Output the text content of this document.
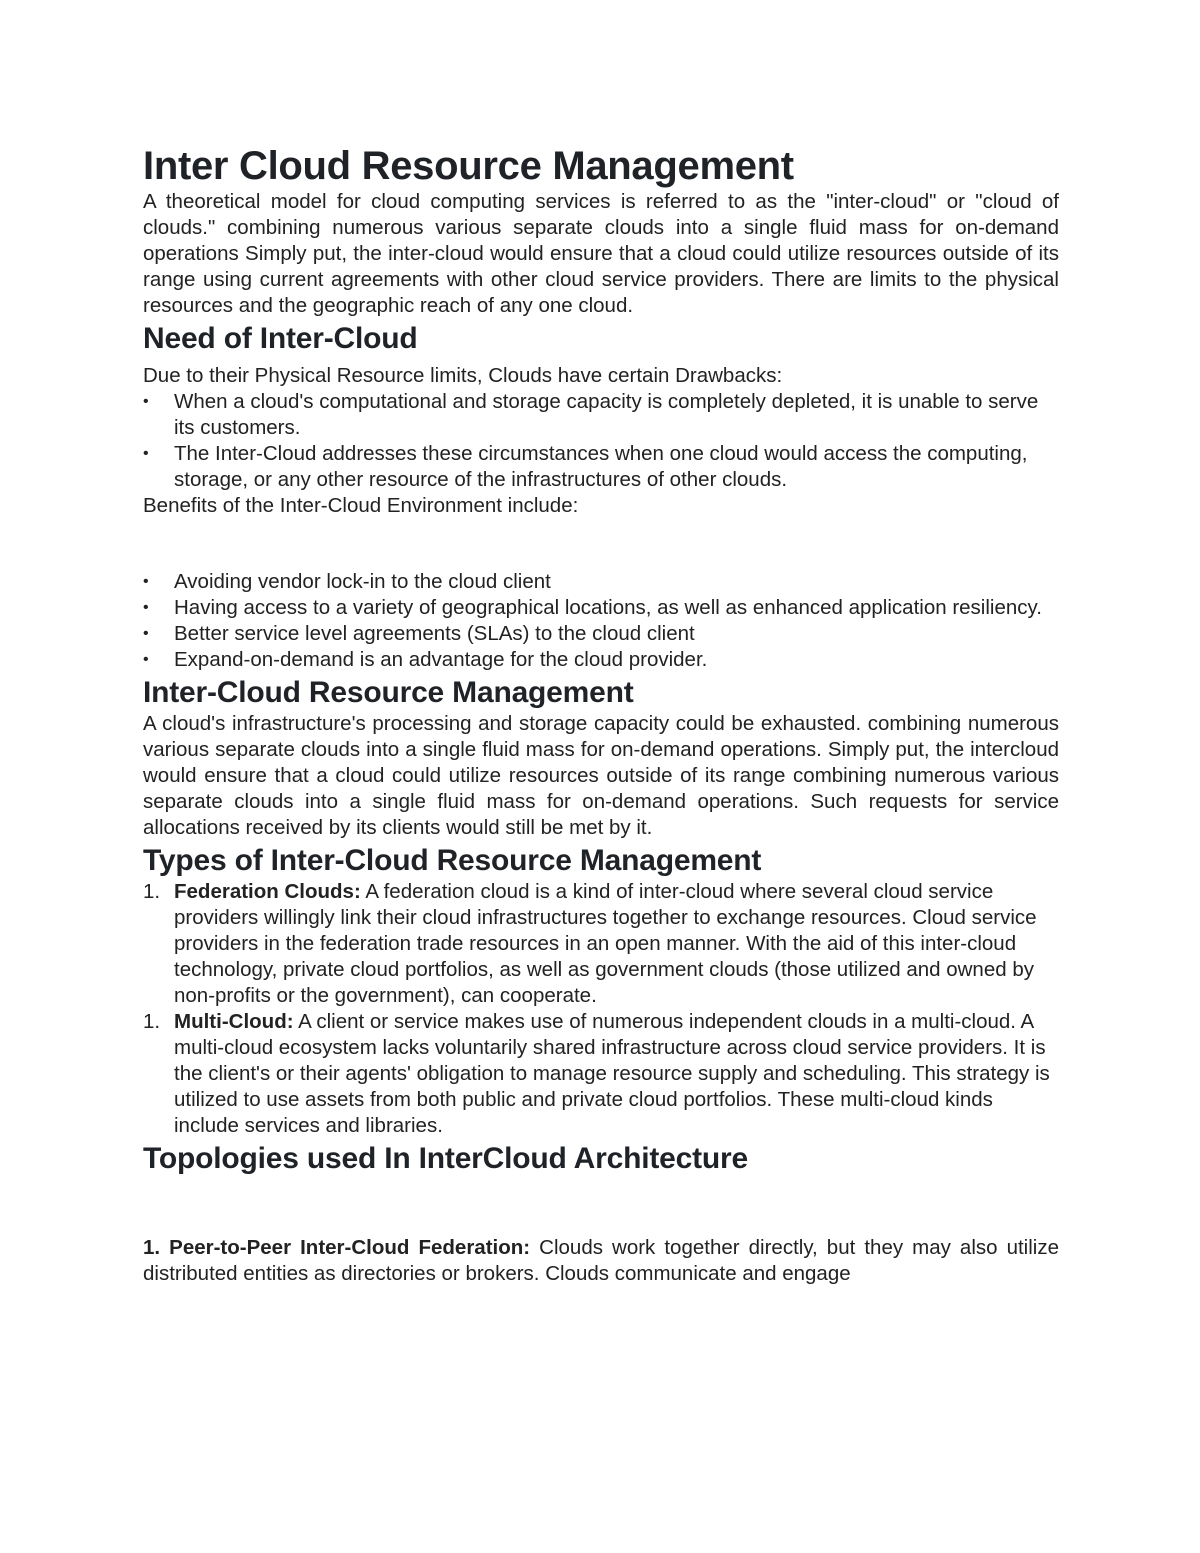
Inter Cloud Resource Management

A theoretical model for cloud computing services is referred to as the "inter-cloud" or "cloud of clouds." combining numerous various separate clouds into a single fluid mass for on-demand operations Simply put, the inter-cloud would ensure that a cloud could utilize resources outside of its range using current agreements with other cloud service providers. There are limits to the physical resources and the geographic reach of any one cloud.

Need of Inter-Cloud

Due to their Physical Resource limits, Clouds have certain Drawbacks:

• When a cloud's computational and storage capacity is completely depleted, it is unable to serve its customers.
• The Inter-Cloud addresses these circumstances when one cloud would access the computing, storage, or any other resource of the infrastructures of other clouds.

Benefits of the Inter-Cloud Environment include:

• Avoiding vendor lock-in to the cloud client
• Having access to a variety of geographical locations, as well as enhanced application resiliency.
• Better service level agreements (SLAs) to the cloud client
• Expand-on-demand is an advantage for the cloud provider.
Inter-Cloud Resource Management

A cloud's infrastructure's processing and storage capacity could be exhausted. combining numerous various separate clouds into a single fluid mass for on-demand operations. Simply put, the intercloud would ensure that a cloud could utilize resources outside of its range combining numerous various separate clouds into a single fluid mass for on-demand operations. Such requests for service allocations received by its clients would still be met by it.

Types of Inter-Cloud Resource Management
1. Federation Clouds: A federation cloud is a kind of inter-cloud where several cloud service providers willingly link their cloud infrastructures together to exchange resources. Cloud service providers in the federation trade resources in an open manner. With the aid of this inter-cloud technology, private cloud portfolios, as well as government clouds (those utilized and owned by non-profits or the government), can cooperate.
1. Multi-Cloud: A client or service makes use of numerous independent clouds in a multi-cloud. A multi-cloud ecosystem lacks voluntarily shared infrastructure across cloud service providers. It is the client's or their agents' obligation to manage resource supply and scheduling. This strategy is utilized to use assets from both public and private cloud portfolios. These multi-cloud kinds include services and libraries.
Topologies used In InterCloud Architecture

1. Peer-to-Peer Inter-Cloud Federation: Clouds work together directly, but they may also utilize distributed entities as directories or brokers. Clouds communicate and engage
